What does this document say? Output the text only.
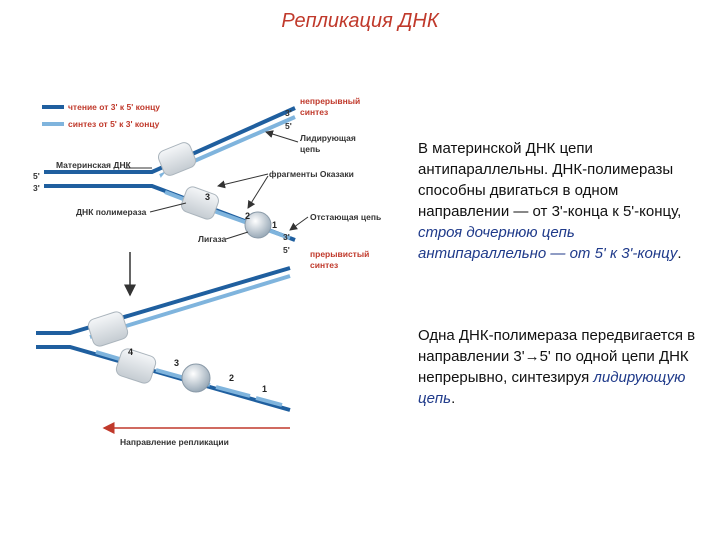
Репликация ДНК
чтение от 3' к 5' концу
синтез от 5' к 3' концу
3
2
1
3'
5'
5'
3'
3'
5'
непрерывный
синтез
Лидирующая
цепь
Материнская ДНК
фрагменты Оказаки
ДНК полимераза	Отстающая цепь
Лигаза
прерывистый
синтез
4
3
2
1
Направление репликации
В материнской ДНК цепи антипараллельны. ДНК-полимеразы способны двигаться в одном направлении — от 3'-конца к 5'-концу, строя дочернюю цепь антипараллельно — от 5' к 3'-концу.
Одна ДНК-полимераза передвигается в направлении 3'→5' по одной цепи ДНК непрерывно, синтезируя лидирующую цепь.
